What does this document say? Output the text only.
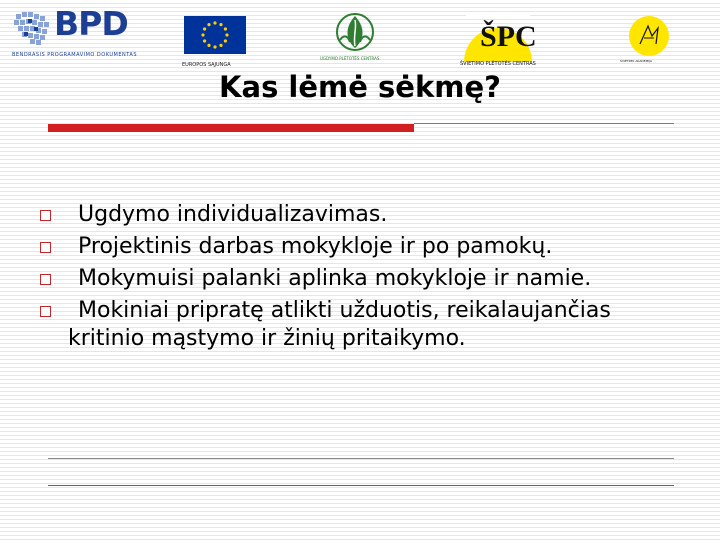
BPD
BENDRASIS PROGRAMAVIMO DOKUMENTAS
EUROPOS SĄJUNGA
UGDYMO PLĖTOTĖS CENTRAS
ŠPC
ŠVIETIMO PLĖTOTĖS CENTRAS	ŠVIETIMO AKADEMIJA
Kas lėmė sėkmę?
Ugdymo individualizavimas.
Projektinis darbas mokykloje ir po pamokų.
Mokymuisi palanki aplinka mokykloje ir namie.
Mokiniai pripratę atlikti užduotis, reikalaujančias kritinio mąstymo ir žinių pritaikymo.
